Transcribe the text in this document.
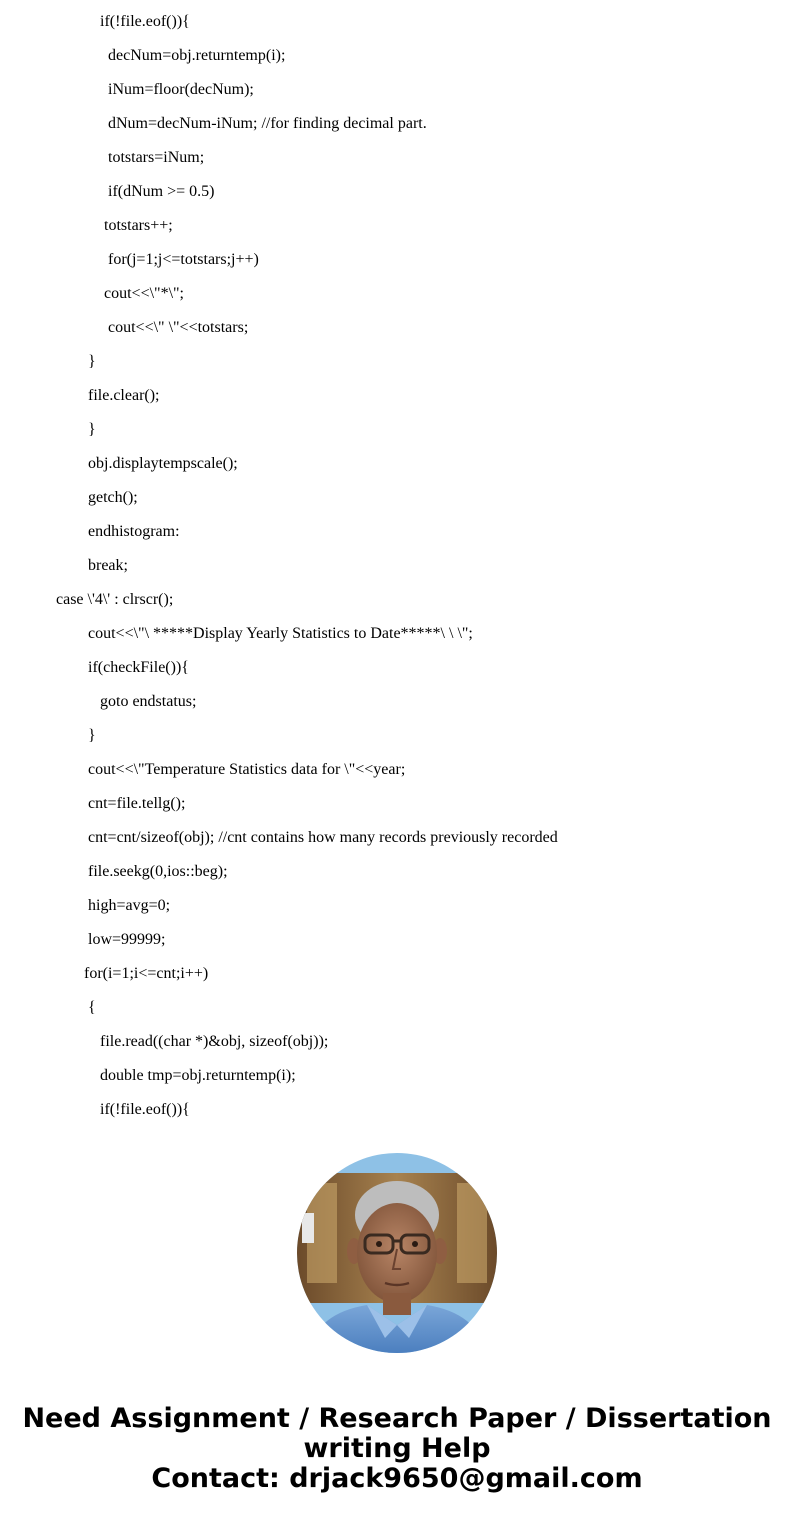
if(!file.eof()){
decNum=obj.returntemp(i);
iNum=floor(decNum);
dNum=decNum-iNum; //for finding decimal part.
totstars=iNum;
if(dNum >= 0.5)
totstars++;
for(j=1;j<=totstars;j++)
cout<<\"*\";
cout<<\" \"<<totstars;
}
file.clear();
}
obj.displaytempscale();
getch();
endhistogram:
break;
case \'4\' : clrscr();
cout<<\"\ *****Display Yearly Statistics to Date*****\ \ \";
if(checkFile()){
goto endstatus;
}
cout<<\"Temperature Statistics data for \"<<year;
cnt=file.tellg();
cnt=cnt/sizeof(obj); //cnt contains how many records previously recorded
file.seekg(0,ios::beg);
high=avg=0;
low=99999;
for(i=1;i<=cnt;i++)
{
file.read((char *)&obj, sizeof(obj));
double tmp=obj.returntemp(i);
if(!file.eof()){
Need Assignment / Research Paper / Dissertation
writing Help
Contact: drjack9650@gmail.com
